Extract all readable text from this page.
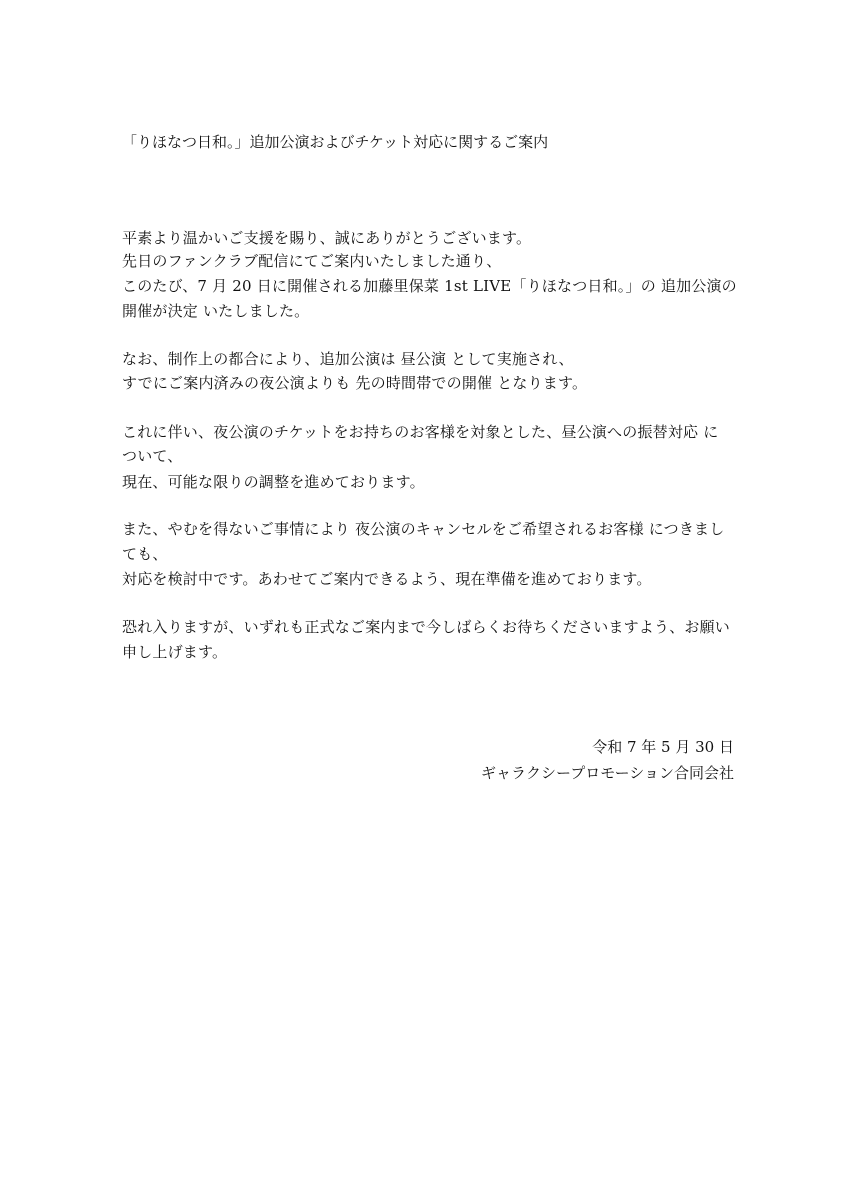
「りほなつ日和。」追加公演およびチケット対応に関するご案内
平素より温かいご支援を賜り、誠にありがとうございます。
先日のファンクラブ配信にてご案内いたしました通り、
このたび、7 月 20 日に開催される加藤里保菜 1st LIVE「りほなつ日和。」の 追加公演の
開催が決定 いたしました。
なお、制作上の都合により、追加公演は 昼公演 として実施され、
すでにご案内済みの夜公演よりも 先の時間帯での開催 となります。
これに伴い、夜公演のチケットをお持ちのお客様を対象とした、昼公演への振替対応 に
ついて、
現在、可能な限りの調整を進めております。
また、やむを得ないご事情により 夜公演のキャンセルをご希望されるお客様 につきまし
ても、
対応を検討中です。あわせてご案内できるよう、現在準備を進めております。
恐れ入りますが、いずれも正式なご案内まで今しばらくお待ちくださいますよう、お願い
申し上げます。
令和 7 年 5 月 30 日
ギャラクシープロモーション合同会社
